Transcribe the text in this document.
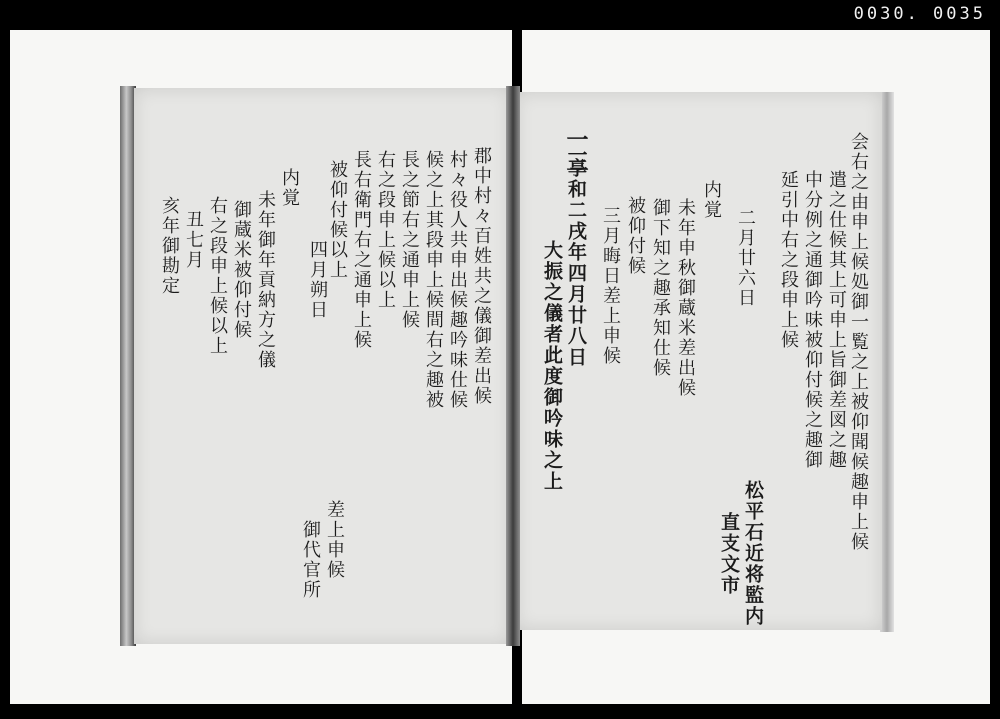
0030. 0035
一三	会右之由申上候処御一覧之上被仰聞候趣申上候
遣之仕候其上可申上旨御差図之趣
中分例之通御吟味被仰付候之趣御
延引中右之段申上候
二月廿六日
内覚
未年申秋御蔵米差出候
御下知之趣承知仕候
被仰付候
三月晦日差上申候
享和二戌年四月廿八日
大振之儀者此度御吟味之上
松平石近将監内
直支文市
郡中村々百姓共之儀御差出候
村々役人共申出候趣吟味仕候
候之上其段申上候間右之趣被
長之節右之通申上候
右之段申上候以上
長右衛門右之通申上候
被仰付候以上
四月朔日
内覚
未年御年貢納方之儀
御蔵米被仰付候
右之段申上候以上
丑七月
亥年御勘定
差上申候
御代官所
